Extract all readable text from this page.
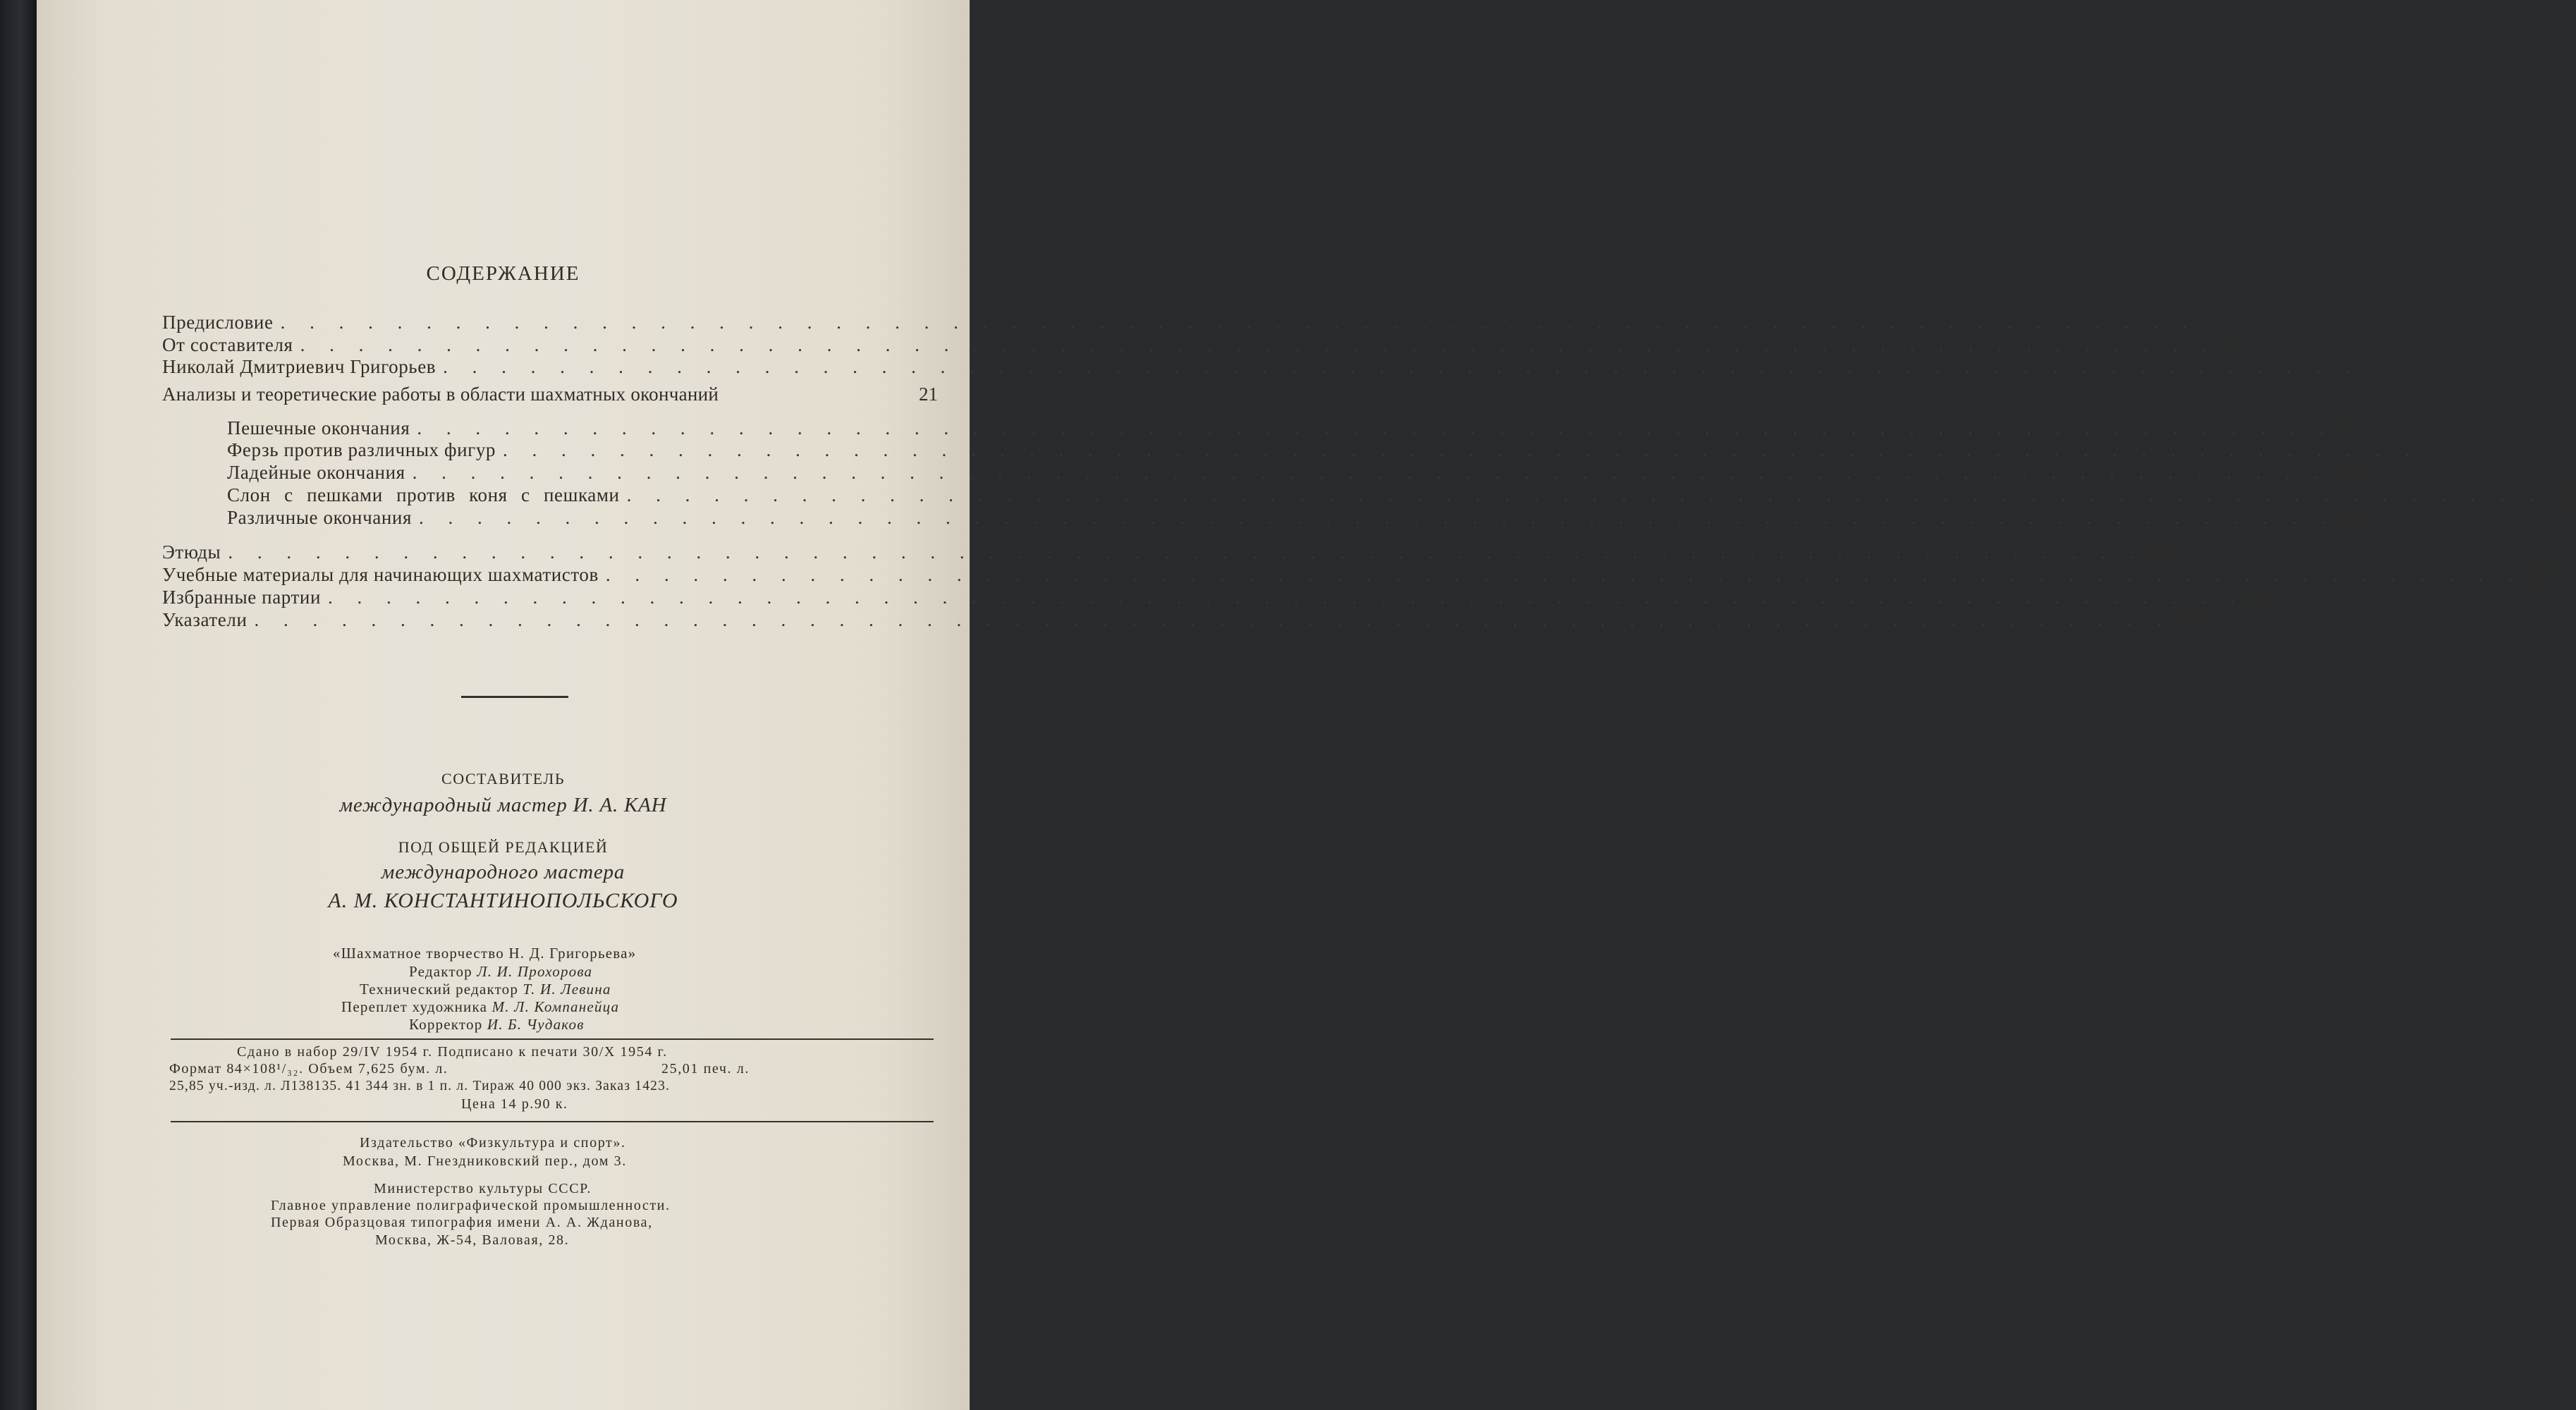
СОДЕРЖАНИЕ
Предисловие . . . . . . . . . . . . . . . . . . . . . . . . . . . . . . . . . . . . . . . . . . . . . . . . . . . . . . . . . . . . . . . . . . 3
От составителя . . . . . . . . . . . . . . . . . . . . . . . . . . . . . . . . . . . . . . . . . . . . . . . . . . . . . . . . . . . . . . . . . . 5
Николай Дмитриевич Григорьев . . . . . . . . . . . . . . . . . . . . . . . . . . . . . . . . . . . . . . . . . . . . . . . . . . . . . . . . . . . . . . . . . . 7
Анализы и теоретические работы в области шахматных окончаний	21
Пешечные окончания . . . . . . . . . . . . . . . . . . . . . . . . . . . . . . . . . . . . . . . . . . . . . . . . . . . . . . . . . . . . . . . . . . 23
Ферзь против различных фигур . . . . . . . . . . . . . . . . . . . . . . . . . . . . . . . . . . . . . . . . . . . . . . . . . . . . . . . . . . . . . . . . . . 72
Ладейные окончания . . . . . . . . . . . . . . . . . . . . . . . . . . . . . . . . . . . . . . . . . . . . . . . . . . . . . . . . . . . . . . . . . . 140
Слон с пешками против коня с пешками . . . . . . . . . . . . . . . . . . . . . . . . . . . . . . . . . . . . . . . . . . . . . . . . . . . . . . . . . . . . . . . . . . 228
Различные окончания . . . . . . . . . . . . . . . . . . . . . . . . . . . . . . . . . . . . . . . . . . . . . . . . . . . . . . . . . . . . . . . . . . 252
Этюды . . . . . . . . . . . . . . . . . . . . . . . . . . . . . . . . . . . . . . . . . . . . . . . . . . . . . . . . . . . . . . . . . . 291
Учебные материалы для начинающих шахматистов . . . . . . . . . . . . . . . . . . . . . . . . . . . . . . . . . . . . . . . . . . . . . . . . . . . . . . . . . . . . . . . . . . 403
Избранные партии . . . . . . . . . . . . . . . . . . . . . . . . . . . . . . . . . . . . . . . . . . . . . . . . . . . . . . . . . . . . . . . . . . 433
Указатели . . . . . . . . . . . . . . . . . . . . . . . . . . . . . . . . . . . . . . . . . . . . . . . . . . . . . . . . . . . . . . . . . . 482
СОСТАВИТЕЛЬ
международный мастер И. А. КАН
ПОД ОБЩЕЙ РЕДАКЦИЕЙ
международного мастера
А. М. КОНСТАНТИНОПОЛЬСКОГО
«Шахматное творчество Н. Д. Григорьева»
Редактор Л. И. Прохорова
Технический редактор Т. И. Левина
Переплет художника М. Л. Компанейца
Корректор И. Б. Чудаков
Сдано в набор 29/IV 1954 г. Подписано к печати 30/X 1954 г.
Формат 84×108¹/₃₂. Объем 7,625 бум. л.	25,01 печ. л.
25,85 уч.-изд. л. Л138135. 41 344 зн. в 1 п. л. Тираж 40 000 экз. Заказ 1423.
Цена 14 р.90 к.
Издательство «Физкультура и спорт».
Москва, М. Гнездниковский пер., дом 3.
Министерство культуры СССР.
Главное управление полиграфической промышленности.
Первая Образцовая типография имени А. А. Жданова,
Москва, Ж-54, Валовая, 28.
